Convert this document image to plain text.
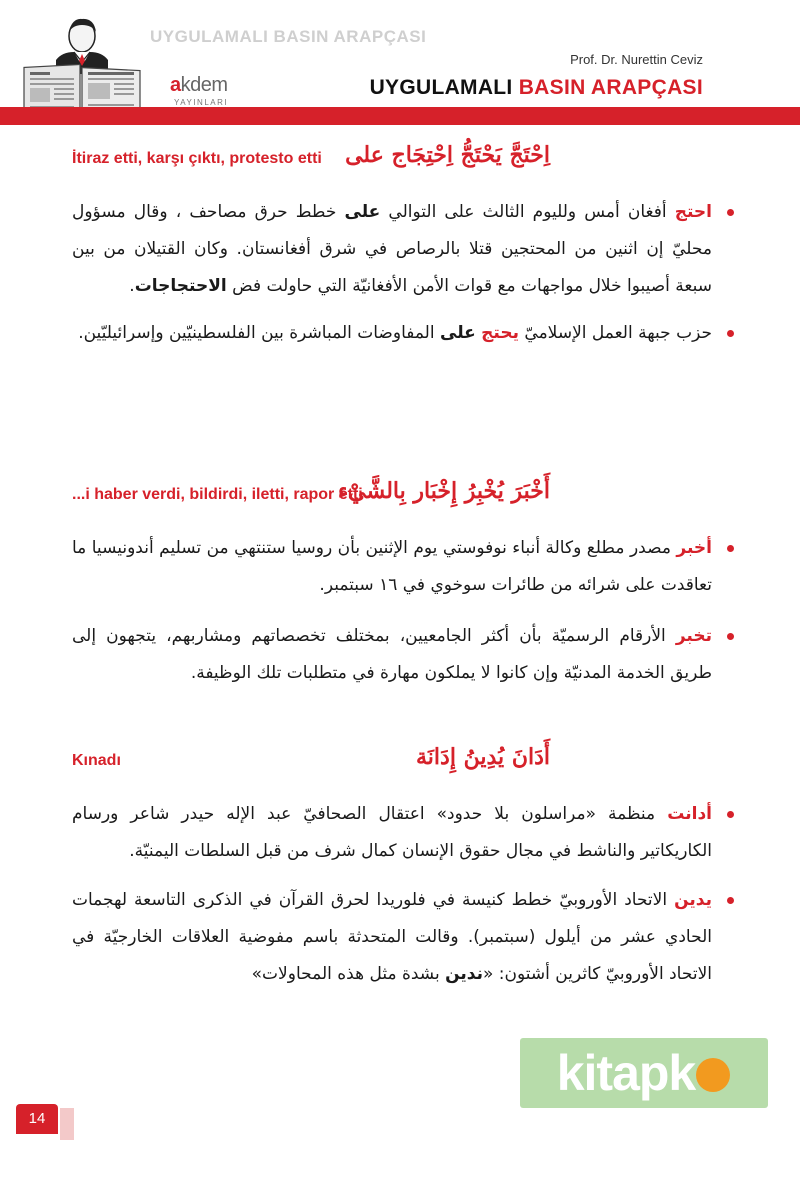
UYGULAMALI BASIN ARAPÇASI
akdem
YAYINLARI
Prof. Dr. Nurettin Ceviz
UYGULAMALI BASIN ARAPÇASI
İtiraz etti, karşı çıktı, protesto etti اِحْتَجَّ يَحْتَجُّ اِحْتِجَاج على
احتج أفغان أمس ولليوم الثالث على التوالي على خطط حرق مصاحف ، وقال مسؤول محليّ إن اثنين من المحتجين قتلا بالرصاص في شرق أفغانستان. وكان القتيلان من بين سبعة أصيبوا خلال مواجهات مع قوات الأمن الأفغانيّة التي حاولت فض الاحتجاجات.
حزب جبهة العمل الإسلاميّ يحتج على المفاوضات المباشرة بين الفلسطينيّين وإسرائيليّين.
...i haber verdi, bildirdi, iletti, rapor etti
أَخْبَرَ يُخْبِرُ إِخْبَار بِالشَّيْء
أخبر مصدر مطلع وكالة أنباء نوفوستي يوم الإثنين بأن روسيا ستنتهي من تسليم أندونيسيا ما تعاقدت على شرائه من طائرات سوخوي في ١٦ سبتمبر.
تخبر الأرقام الرسميّة بأن أكثر الجامعيين، بمختلف تخصصاتهم ومشاربهم، يتجهون إلى طريق الخدمة المدنيّة وإن كانوا لا يملكون مهارة في متطلبات تلك الوظيفة.
Kınadı	أَدَانَ يُدِينُ إِدَانَة
أدانت منظمة «مراسلون بلا حدود» اعتقال الصحافيّ عبد الإله حيدر شاعر ورسام الكاريكاتير والناشط في مجال حقوق الإنسان كمال شرف من قبل السلطات اليمنيّة.
يدين الاتحاد الأوروبيّ خطط كنيسة في فلوريدا لحرق القرآن في الذكرى التاسعة لهجمات الحادي عشر من أيلول (سبتمبر). وقالت المتحدثة باسم مفوضية العلاقات الخارجيّة في الاتحاد الأوروبيّ كاثرين أشتون: «ندين بشدة مثل هذه المحاولات»
kitapkbi.com
14
